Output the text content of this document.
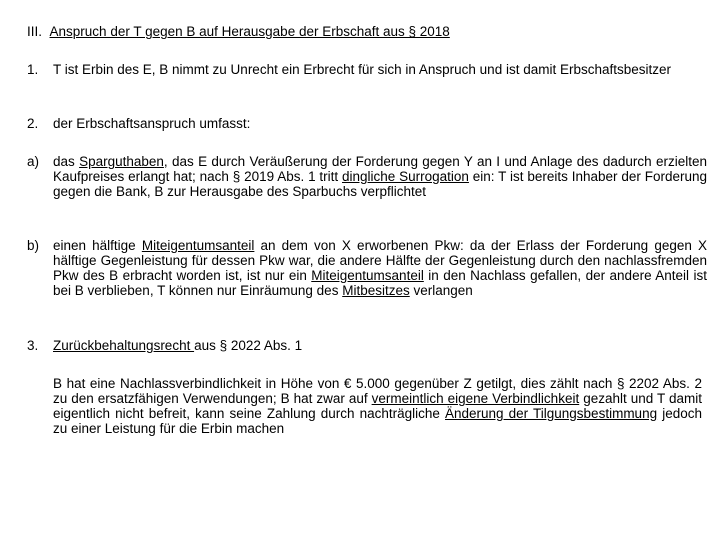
III. Anspruch der T gegen B auf Herausgabe der Erbschaft aus § 2018
1. T ist Erbin des E, B nimmt zu Unrecht ein Erbrecht für sich in Anspruch und ist damit Erbschaftsbesitzer
2. der Erbschaftsanspruch umfasst:
a) das Sparguthaben, das E durch Veräußerung der Forderung gegen Y an I und Anlage des dadurch erzielten Kaufpreises erlangt hat; nach § 2019 Abs. 1 tritt dingliche Surrogation ein: T ist bereits Inhaber der Forderung gegen die Bank, B zur Herausgabe des Sparbuchs verpflichtet
b) einen hälftige Miteigentumsanteil an dem von X erworbenen Pkw: da der Erlass der Forderung gegen X hälftige Gegenleistung für dessen Pkw war, die andere Hälfte der Gegenleistung durch den nachlassfremden Pkw des B erbracht worden ist, ist nur ein Miteigentumsanteil in den Nachlass gefallen, der andere Anteil ist bei B verblieben, T können nur Einräumung des Mitbesitzes verlangen
3. Zurückbehaltungsrecht aus § 2022 Abs. 1
B hat eine Nachlassverbindlichkeit in Höhe von € 5.000 gegenüber Z getilgt, dies zählt nach § 2202 Abs. 2 zu den ersatzfähigen Verwendungen; B hat zwar auf vermeintlich eigene Verbindlichkeit gezahlt und T damit eigentlich nicht befreit, kann seine Zahlung durch nachträgliche Änderung der Tilgungsbestimmung jedoch zu einer Leistung für die Erbin machen
